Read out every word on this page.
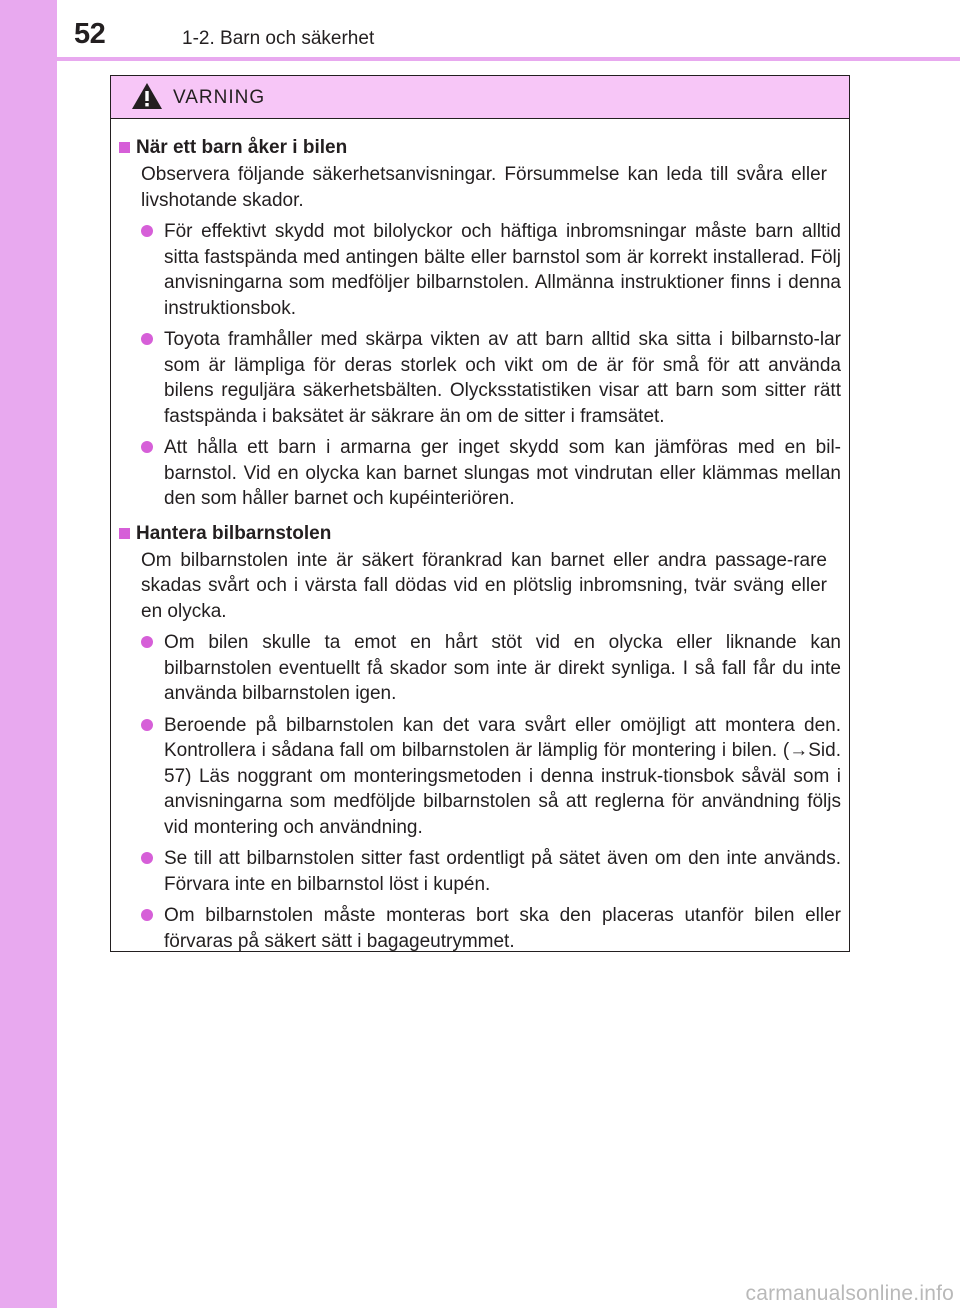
52	1-2. Barn och säkerhet
VARNING
När ett barn åker i bilen
Observera följande säkerhetsanvisningar. Försummelse kan leda till svåra eller livshotande skador.
För effektivt skydd mot bilolyckor och häftiga inbromsningar måste barn alltid sitta fastspända med antingen bälte eller barnstol som är korrekt installerad. Följ anvisningarna som medföljer bilbarnstolen. Allmänna instruktioner finns i denna instruktionsbok.
Toyota framhåller med skärpa vikten av att barn alltid ska sitta i bilbarnsto-lar som är lämpliga för deras storlek och vikt om de är för små för att använda bilens reguljära säkerhetsbälten. Olycksstatistiken visar att barn som sitter rätt fastspända i baksätet är säkrare än om de sitter i framsätet.
Att hålla ett barn i armarna ger inget skydd som kan jämföras med en bil-barnstol. Vid en olycka kan barnet slungas mot vindrutan eller klämmas mellan den som håller barnet och kupéinteriören.
Hantera bilbarnstolen
Om bilbarnstolen inte är säkert förankrad kan barnet eller andra passage-rare skadas svårt och i värsta fall dödas vid en plötslig inbromsning, tvär sväng eller en olycka.
Om bilen skulle ta emot en hårt stöt vid en olycka eller liknande kan bilbarnstolen eventuellt få skador som inte är direkt synliga. I så fall får du inte använda bilbarnstolen igen.
Beroende på bilbarnstolen kan det vara svårt eller omöjligt att montera den. Kontrollera i sådana fall om bilbarnstolen är lämplig för montering i bilen. (→Sid. 57) Läs noggrant om monteringsmetoden i denna instruk-tionsbok såväl som i anvisningarna som medföljde bilbarnstolen så att reglerna för användning följs vid montering och användning.
Se till att bilbarnstolen sitter fast ordentligt på sätet även om den inte används. Förvara inte en bilbarnstol löst i kupén.
Om bilbarnstolen måste monteras bort ska den placeras utanför bilen eller förvaras på säkert sätt i bagageutrymmet.
carmanualsonline.info
